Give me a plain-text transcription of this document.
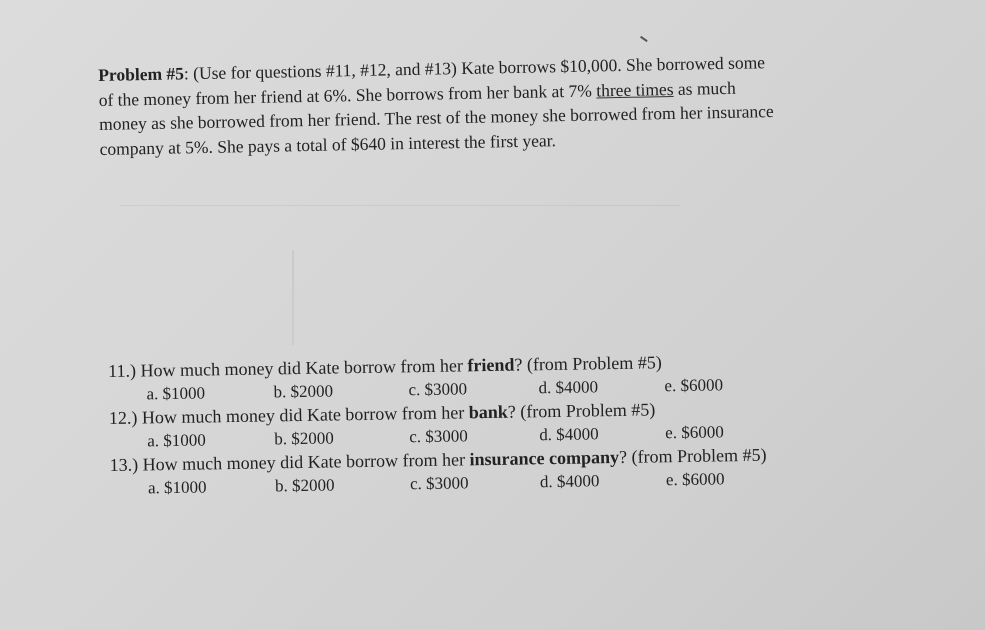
Problem #5: (Use for questions #11, #12, and #13) Kate borrows $10,000. She borrowed some
of the money from her friend at 6%. She borrows from her bank at 7% three times as much
money as she borrowed from her friend. The rest of the money she borrowed from her insurance
company at 5%. She pays a total of $640 in interest the first year.
11.) How much money did Kate borrow from her friend? (from Problem #5)
a. $1000	b. $2000	c. $3000	d. $4000	e. $6000
12.) How much money did Kate borrow from her bank? (from Problem #5)
a. $1000	b. $2000	c. $3000	d. $4000	e. $6000
13.) How much money did Kate borrow from her insurance company? (from Problem #5)
a. $1000	b. $2000	c. $3000	d. $4000	e. $6000
